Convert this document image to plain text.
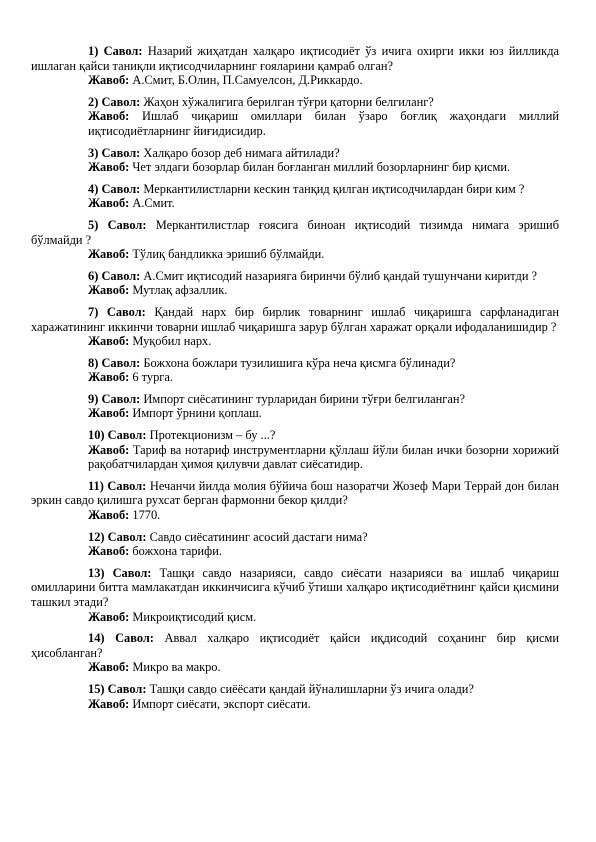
1) Савол: Назарий жиҳатдан халқаро иқтисодиёт ўз ичига охирги икки юз йилликда ишлаган қайси таниқли иқтисодчиларнинг ғояларини қамраб олган?

Жавоб: А.Смит, Б.Олин, П.Самуелсон, Д.Риккардо.

2) Савол: Жаҳон хўжалигига берилган тўғри қаторни белгиланг?

Жавоб: Ишлаб чиқариш омиллари билан ўзаро боғлиқ жаҳондаги миллий иқтисодиётларнинг йиғидисидир.

3) Савол: Халқаро бозор деб нимага айтилади?

Жавоб: Чет элдаги бозорлар билан боғланган миллий бозорларнинг бир қисми.

4) Савол: Меркантилистларни кескин танқид қилган иқтисодчилардан бири ким ?

Жавоб: А.Смит.

5) Савол: Меркантилистлар ғоясига биноан иқтисодий тизимда нимага эришиб бўлмайди ?

Жавоб: Тўлиқ бандликка эришиб бўлмайди.

6) Савол: А.Смит иқтисодий назарияга биринчи бўлиб қандай тушунчани киритди ?

Жавоб: Мутлақ афзаллик.

7) Савол: Қандай нарх бир бирлик товарнинг ишлаб чиқаришга сарфланадиган харажатининг иккинчи товарни ишлаб чиқаришга зарур бўлган харажат орқали ифодаланишидир ?

Жавоб: Муқобил нарх.

8) Савол: Божхона божлари тузилишига кўра неча қисмга бўлинади?

Жавоб: 6 турга.

9) Савол: Импорт сиёсатининг турларидан бирини тўғри белгиланган?

Жавоб: Импорт ўрнини қоплаш.

10) Савол: Протекционизм – бу ...?

Жавоб: Тариф ва нотариф инструментларни қўллаш йўли билан ички бозорни хорижий рақобатчилардан ҳимоя қилувчи давлат сиёсатидир.

11) Савол: Нечанчи йилда молия бўйича бош назоратчи Жозеф Мари Террай дон билан эркин савдо қилишга рухсат берган фармонни бекор қилди?

Жавоб: 1770.

12) Савол: Савдо сиёсатининг асосий дастаги нима?

Жавоб: божхона тарифи.

13) Савол: Ташқи савдо назарияси, савдо сиёсати назарияси ва ишлаб чиқариш омилларини битта мамлакатдан иккинчисига кўчиб ўтиши халқаро иқтисодиётнинг қайси қисмини ташкил этади?

Жавоб: Микроиқтисодий қисм.

14) Савол: Аввал халқаро иқтисодиёт қайси иқдисодий соҳанинг бир қисми ҳисобланган?

Жавоб: Микро ва макро.

15) Савол: Ташқи савдо сиёёсати қандай йўналишларни ўз ичига олади?

Жавоб: Импорт сиёсати, экспорт сиёсати.
